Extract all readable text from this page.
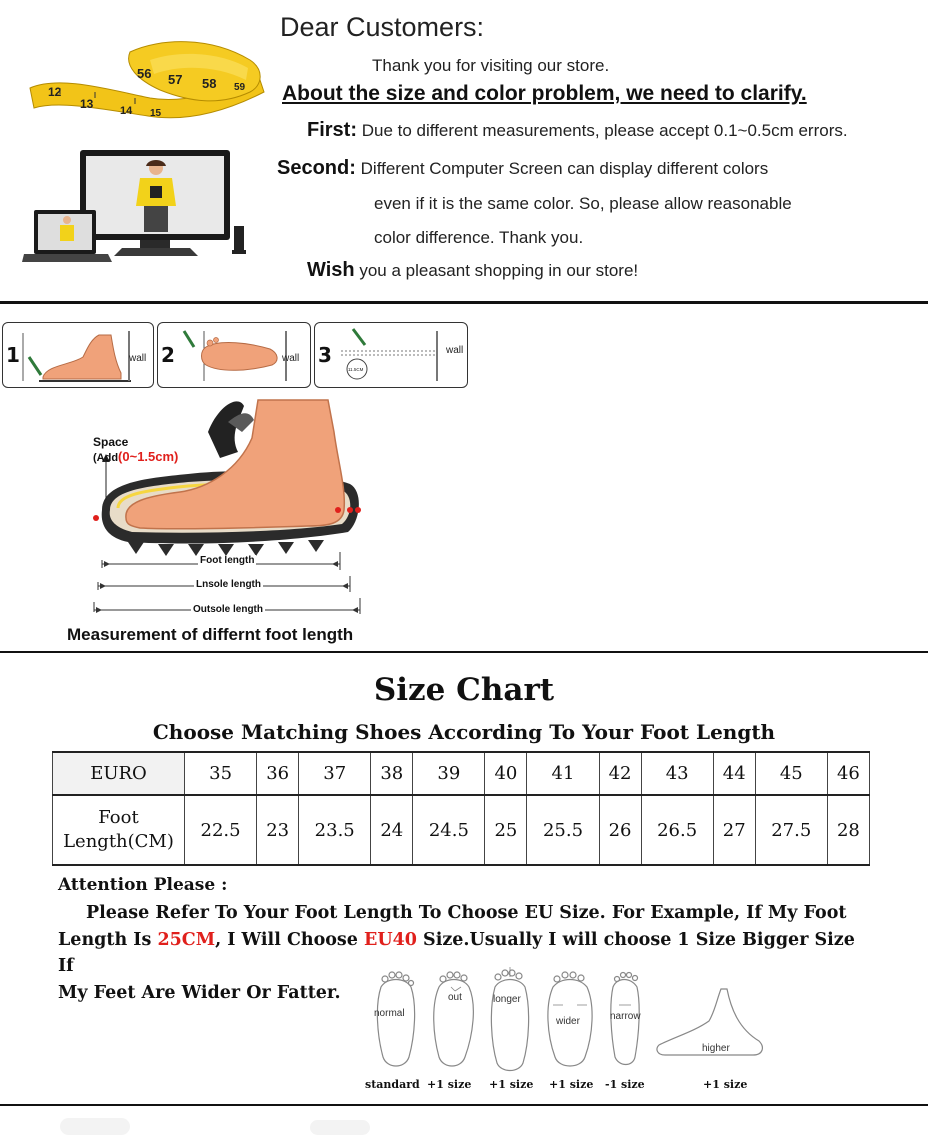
56 57 58 59
12
13 14 15
Dear Customers:
Thank you for visiting our store.
About the size and color problem, we need to clarify.
First: Due to different measurements, please accept 0.1~0.5cm errors.
Second: Different Computer Screen can display different colors
even if it is the same color. So, please allow reasonable
color difference. Thank you.
Wish you a pleasant shopping in our store!
1	wall 2	wall 3	wall
11.5CM
Space
(Add(0~1.5cm)
Foot length
Lnsole length
Outsole length
Measurement of differnt foot length
Size Chart
Choose Matching Shoes According To Your Foot Length
EURO	35	36	37	38	39	40	41	42	43	44	45	46

Foot
Length(CM)	22.5	23	23.5	24	24.5	25	25.5	26	26.5	27	27.5	28
Attention Please :
Please Refer To Your Foot Length To Choose EU Size. For Example, If My Foot
Length Is 25CM, I Will Choose EU40 Size.Usually I will choose 1 Size Bigger Size If
My Feet Are Wider Or Fatter.
normal
out	longer
wider	narrow
higher
standard +1 size +1 size +1 size -1 size	+1 size
